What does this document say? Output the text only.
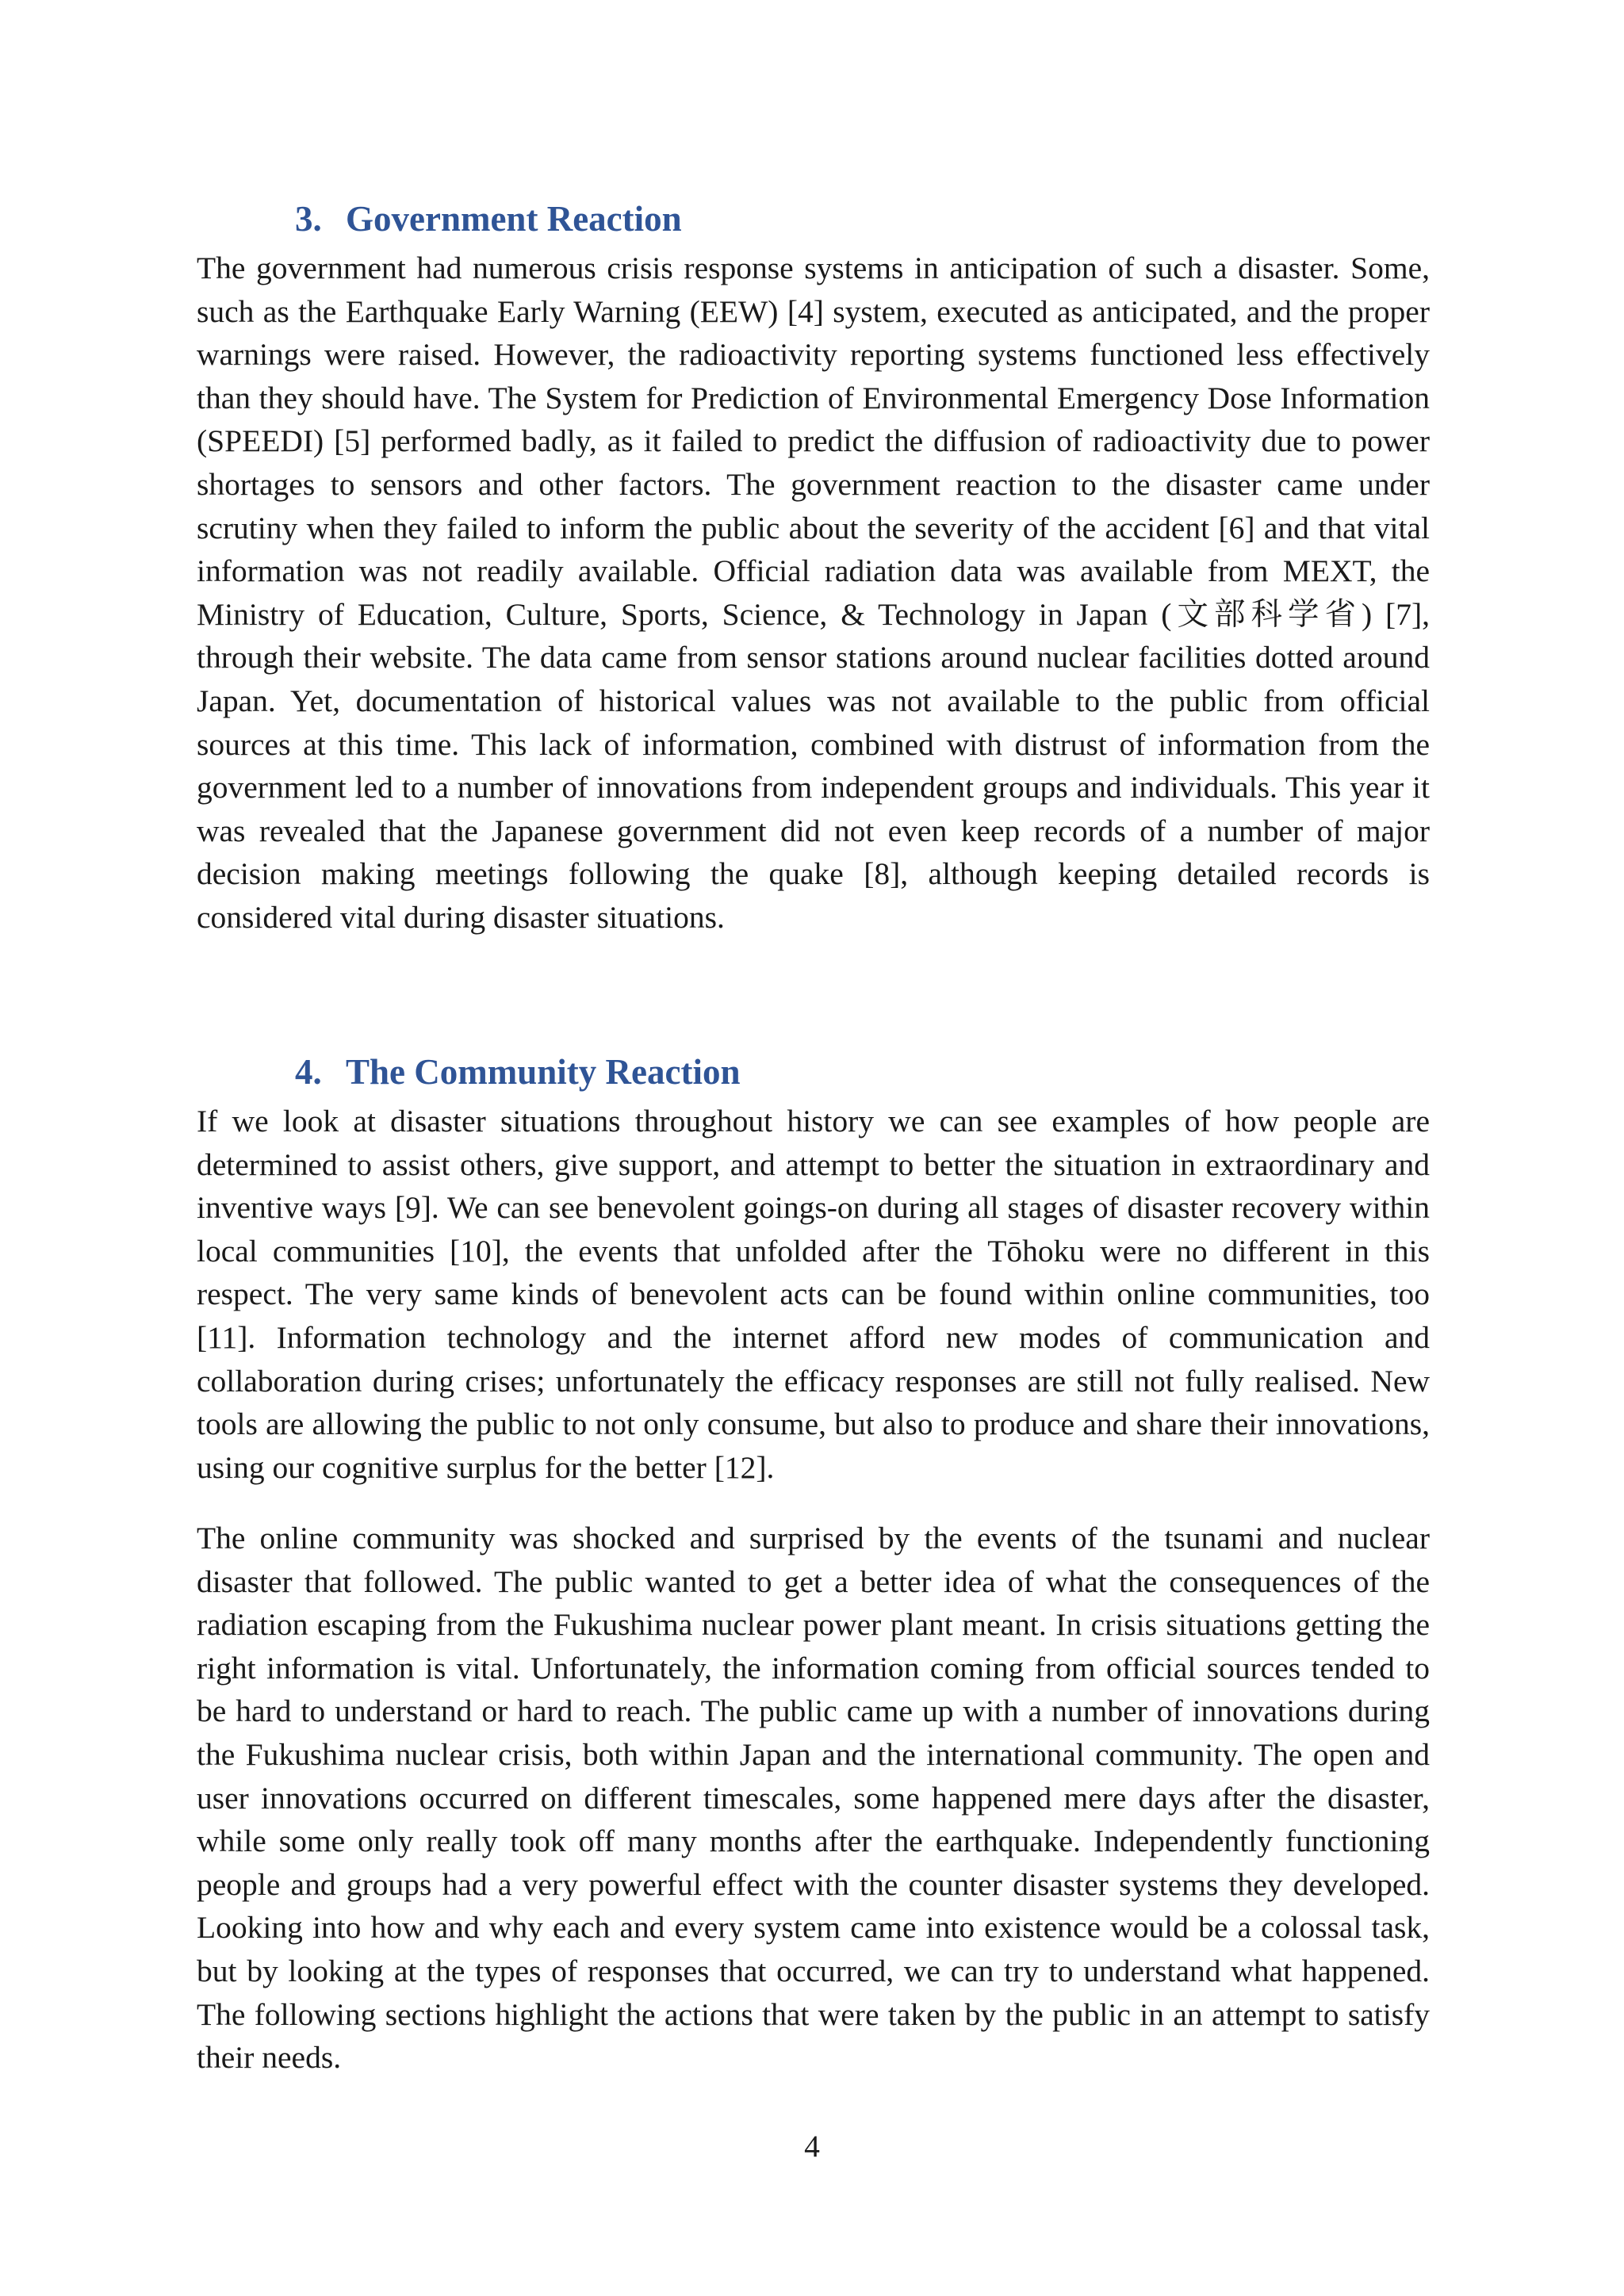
3. Government Reaction

The government had numerous crisis response systems in anticipation of such a disaster. Some, such as the Earthquake Early Warning (EEW) [4] system, executed as anticipated, and the proper warnings were raised. However, the radioactivity reporting systems functioned less effectively than they should have. The System for Prediction of Environmental Emergency Dose Information (SPEEDI) [5] performed badly, as it failed to predict the diffusion of radioactivity due to power shortages to sensors and other factors. The government reaction to the disaster came under scrutiny when they failed to inform the public about the severity of the accident [6] and that vital information was not readily available. Official radiation data was available from MEXT, the Ministry of Education, Culture, Sports, Science, & Technology in Japan (文部科学省) [7], through their website. The data came from sensor stations around nuclear facilities dotted around Japan. Yet, documentation of historical values was not available to the public from official sources at this time. This lack of information, combined with distrust of information from the government led to a number of innovations from independent groups and individuals. This year it was revealed that the Japanese government did not even keep records of a number of major decision making meetings following the quake [8], although keeping detailed records is considered vital during disaster situations.

4. The Community Reaction

If we look at disaster situations throughout history we can see examples of how people are determined to assist others, give support, and attempt to better the situation in extraordinary and inventive ways [9]. We can see benevolent goings-on during all stages of disaster recovery within local communities [10], the events that unfolded after the Tōhoku were no different in this respect. The very same kinds of benevolent acts can be found within online communities, too [11]. Information technology and the internet afford new modes of communication and collaboration during crises; unfortunately the efficacy responses are still not fully realised. New tools are allowing the public to not only consume, but also to produce and share their innovations, using our cognitive surplus for the better [12].

The online community was shocked and surprised by the events of the tsunami and nuclear disaster that followed. The public wanted to get a better idea of what the consequences of the radiation escaping from the Fukushima nuclear power plant meant. In crisis situations getting the right information is vital. Unfortunately, the information coming from official sources tended to be hard to understand or hard to reach. The public came up with a number of innovations during the Fukushima nuclear crisis, both within Japan and the international community. The open and user innovations occurred on different timescales, some happened mere days after the disaster, while some only really took off many months after the earthquake. Independently functioning people and groups had a very powerful effect with the counter disaster systems they developed. Looking into how and why each and every system came into existence would be a colossal task, but by looking at the types of responses that occurred, we can try to understand what happened. The following sections highlight the actions that were taken by the public in an attempt to satisfy their needs.

4
